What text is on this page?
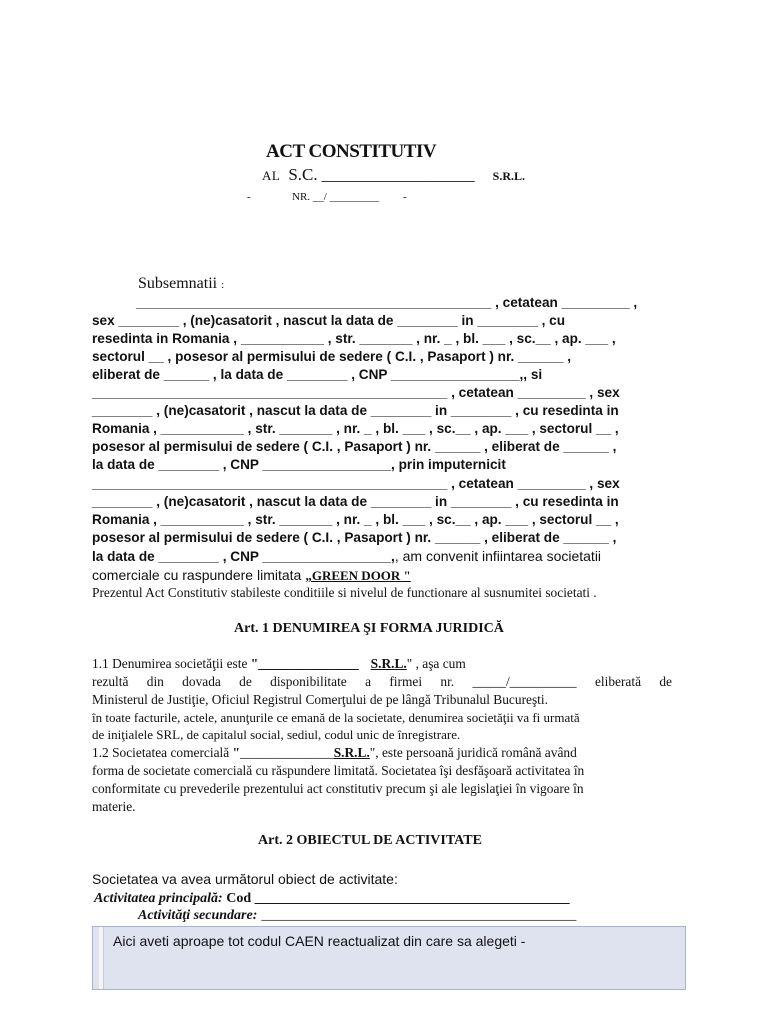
ACT CONSTITUTIV
AL S.C. __________________ S.R.L.
-	NR. __/ _________ -
Subsemnatii :
_______________________________________________ , cetatean _________ ,
sex ________ , (ne)casatorit , nascut la data de ________ in ________ , cu
resedinta in Romania , ___________ , str. _______ , nr. _ , bl. ___ , sc.__ , ap. ___ ,
sectorul __ , posesor al permisului de sedere ( C.I. , Pasaport ) nr. ______ ,
eliberat de ______ , la data de ________ , CNP _________________,, si
_______________________________________________ , cetatean _________ , sex
________ , (ne)casatorit , nascut la data de ________ in ________ , cu resedinta in
Romania , ___________ , str. _______ , nr. _ , bl. ___ , sc.__ , ap. ___ , sectorul __ ,
posesor al permisului de sedere ( C.I. , Pasaport ) nr. ______ , eliberat de ______ ,
la data de ________ , CNP _________________, prin imputernicit
_______________________________________________ , cetatean _________ , sex
________ , (ne)casatorit , nascut la data de ________ in ________ , cu resedinta in
Romania , ___________ , str. _______ , nr. _ , bl. ___ , sc.__ , ap. ___ , sectorul __ ,
posesor al permisului de sedere ( C.I. , Pasaport ) nr. ______ , eliberat de ______ ,
la data de ________ , CNP _________________,, am convenit infiintarea societatii
comerciale cu raspundere limitata „GREEN DOOR "
Prezentul Act Constitutiv stabileste conditiile si nivelul de functionare al susnumitei societati .
Art. 1 DENUMIREA ŞI FORMA JURIDICĂ
1.1 Denumirea societăţii este "_______________ S.R.L." , aşa cum
rezultă din dovada de disponibilitate a firmei nr. _____/__________ eliberată de
Ministerul de Justiţie, Oficiul Registrul Comerţului de pe lângă Tribunalul Bucureşti.
în toate facturile, actele, anunţurile ce emană de la societate, denumirea societăţii va fi urmată
de iniţialele SRL, de capitalul social, sediul, codul unic de înregistrare.
1.2 Societatea comercială "______________S.R.L.", este persoană juridică română având
forma de societate comercială cu răspundere limitată. Societatea îşi desfăşoară activitatea în
conformitate cu prevederile prezentului act constitutiv precum şi ale legislaţiei în vigoare în
materie.
Art. 2 OBIECTUL DE ACTIVITATE
Societatea va avea următorul obiect de activitate:
Activitatea principală: Cod _____________________________________________
Activităţi secundare: _____________________________________________
Aici aveti aproape tot codul CAEN reactualizat din care sa alegeti -
